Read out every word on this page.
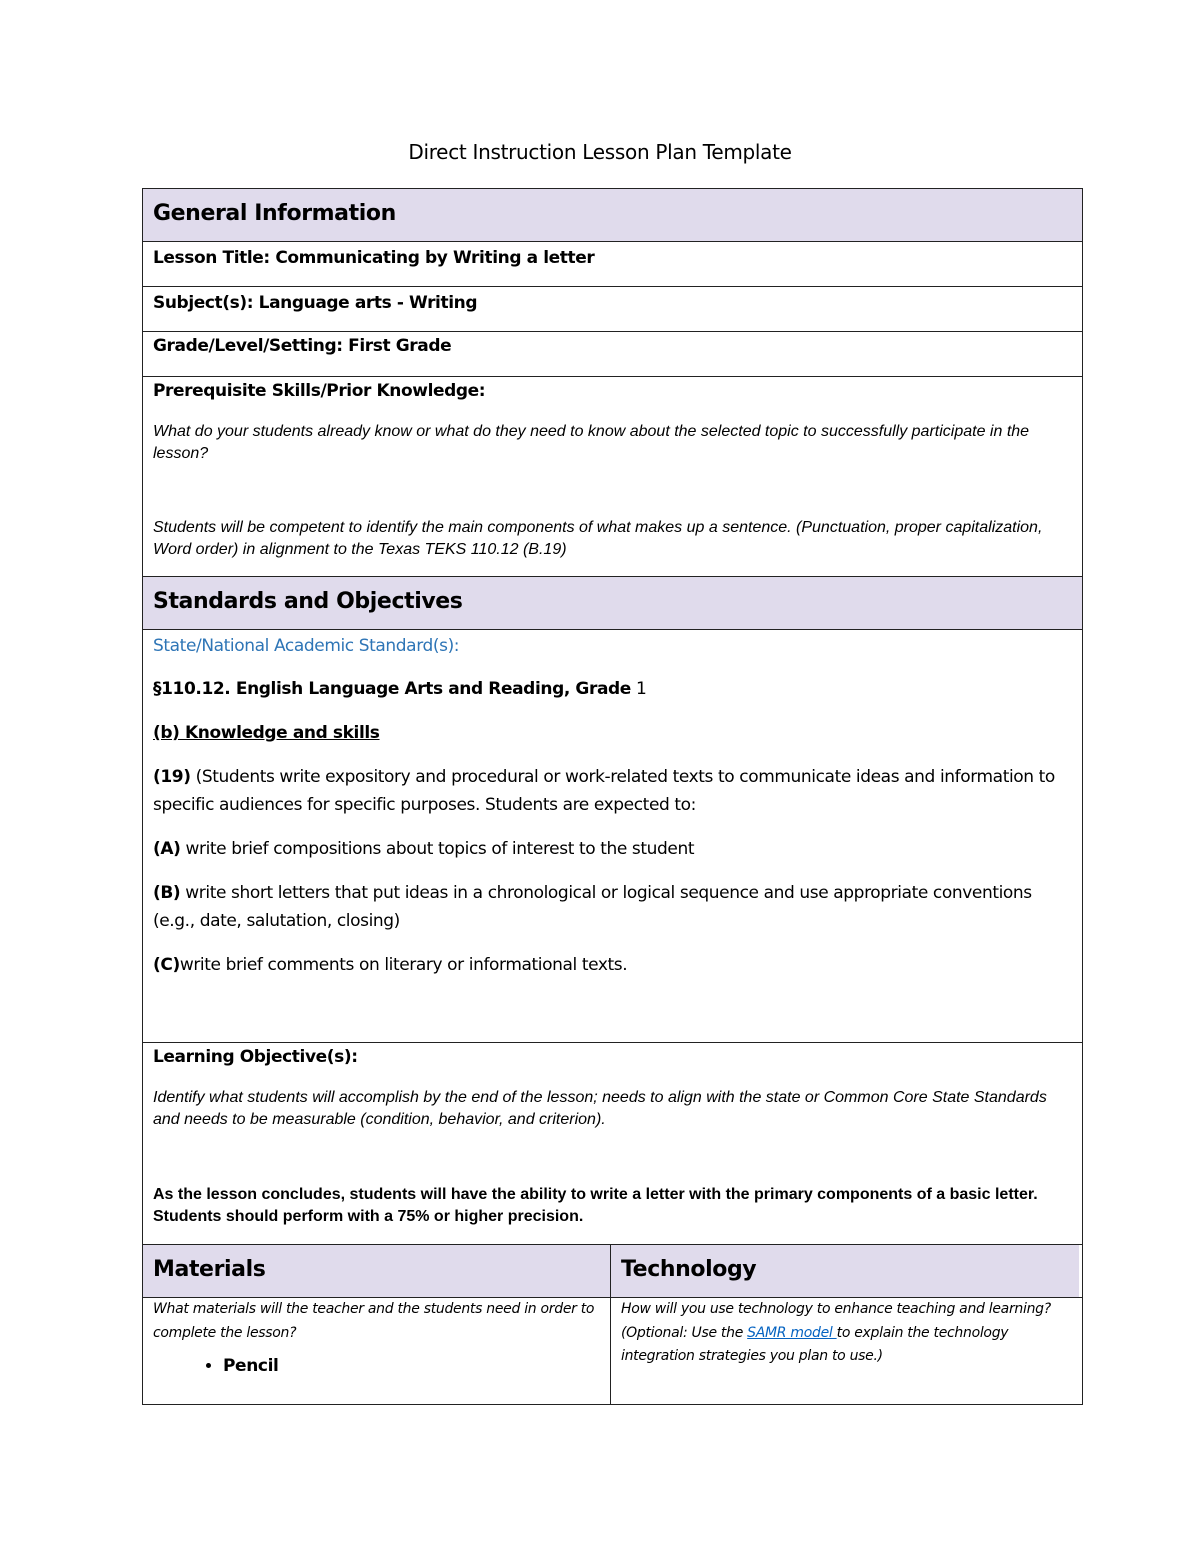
Direct Instruction Lesson Plan Template
General Information
Lesson Title: Communicating by Writing a letter
Subject(s): Language arts - Writing
Grade/Level/Setting: First Grade
Prerequisite Skills/Prior Knowledge:

What do your students already know or what do they need to know about the selected topic to successfully participate in the lesson?

Students will be competent to identify the main components of what makes up a sentence. (Punctuation, proper capitalization, Word order) in alignment to the Texas TEKS 110.12 (B.19)

Standards and Objectives

State/National Academic Standard(s):

§110.12. English Language Arts and Reading, Grade 1

(b) Knowledge and skills

(19) (Students write expository and procedural or work-related texts to communicate ideas and information to specific audiences for specific purposes. Students are expected to:

(A) write brief compositions about topics of interest to the student

(B) write short letters that put ideas in a chronological or logical sequence and use appropriate conventions (e.g., date, salutation, closing)

(C)write brief comments on literary or informational texts.

Learning Objective(s):

Identify what students will accomplish by the end of the lesson; needs to align with the state or Common Core State Standards and needs to be measurable (condition, behavior, and criterion).

As the lesson concludes, students will have the ability to write a letter with the primary components of a basic letter. Students should perform with a 75% or higher precision.

Materials	Technology

What materials will the teacher and the students need in order to complete the lesson?

• Pencil

How will you use technology to enhance teaching and learning? (Optional: Use the SAMR model to explain the technology integration strategies you plan to use.)
